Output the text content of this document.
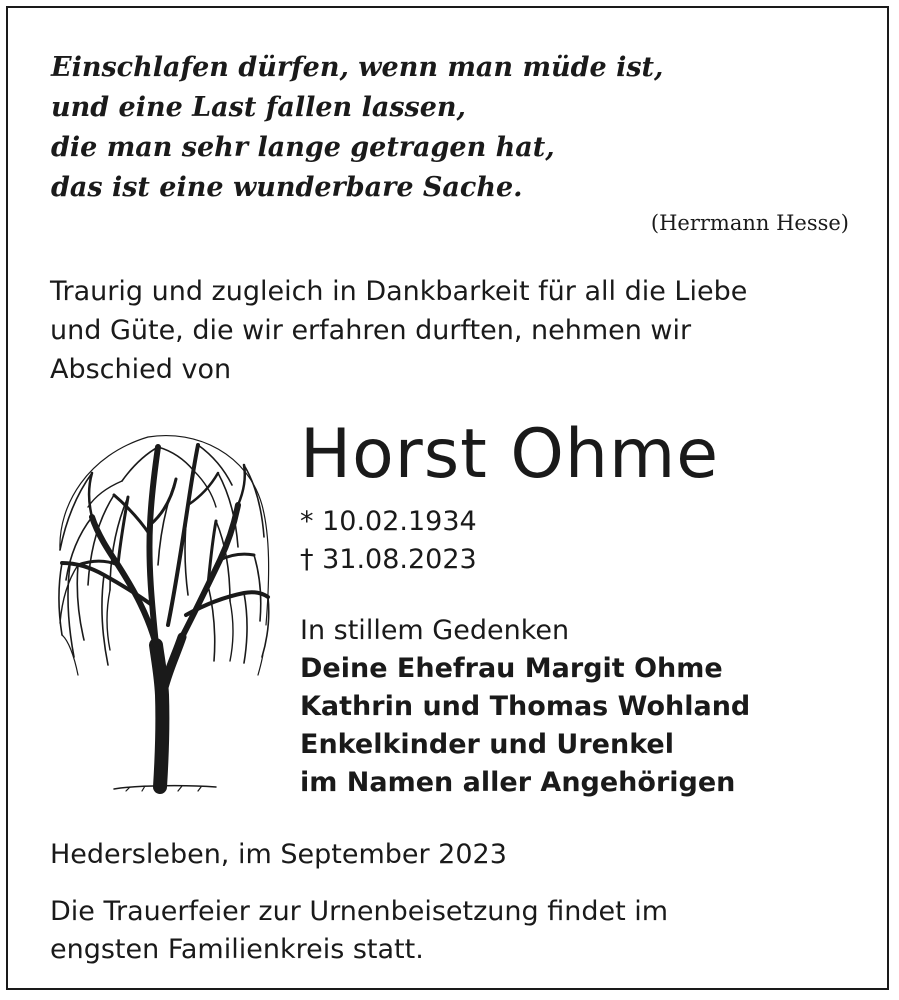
Einschlafen dürfen, wenn man müde ist,
und eine Last fallen lassen,
die man sehr lange getragen hat,
das ist eine wunderbare Sache.
(Herrmann Hesse)
Traurig und zugleich in Dankbarkeit für all die Liebe
und Güte, die wir erfahren durften, nehmen wir
Abschied von
Horst Ohme
* 10.02.1934
† 31.08.2023
In stillem Gedenken
Deine Ehefrau Margit Ohme
Kathrin und Thomas Wohland
Enkelkinder und Urenkel
im Namen aller Angehörigen
Hedersleben, im September 2023
Die Trauerfeier zur Urnenbeisetzung findet im
engsten Familienkreis statt.
